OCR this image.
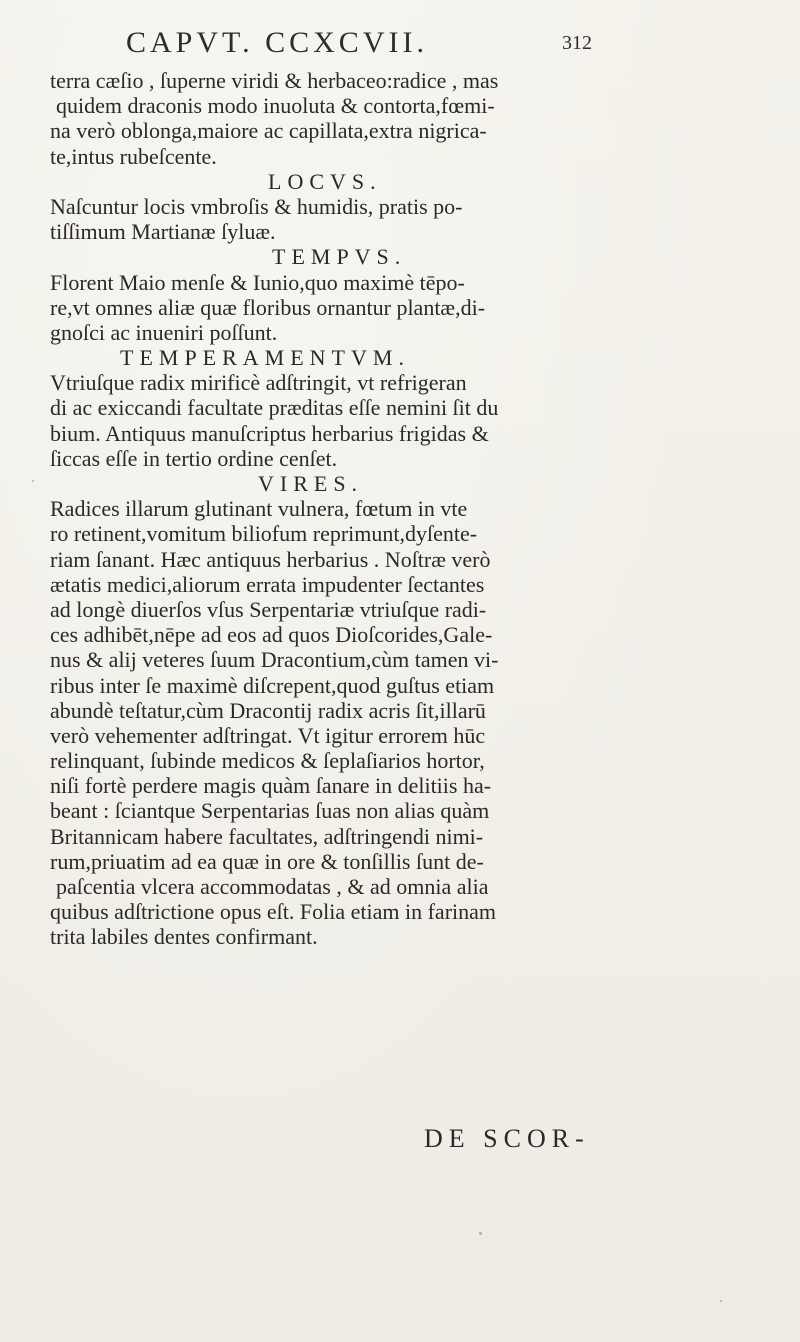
CAPVT. CCXCVII.	312
terra cæſio , ſuperne viridi & herbaceo:radice , mas
quidem draconis modo inuoluta & contorta,fœmi-
na verò oblonga,maiore ac capillata,extra nigrica-
te,intus rubeſcente.
LOCVS.
Naſcuntur locis vmbroſis & humidis, pratis po-
tiſſimum Martianæ ſyluæ.
TEMPVS.
Florent Maio menſe & Iunio,quo maximè tēpo-
re,vt omnes aliæ quæ floribus ornantur plantæ,di-
gnoſci ac inueniri poſſunt.
TEMPERAMENTVM.
Vtriuſque radix mirificè adſtringit, vt refrigeran
di ac exiccandi facultate præditas eſſe nemini ſit du
bium. Antiquus manuſcriptus herbarius frigidas &
ſiccas eſſe in tertio ordine cenſet.
VIRES.
Radices illarum glutinant vulnera, fœtum in vte
ro retinent,vomitum biliofum reprimunt,dyſente-
riam ſanant. Hæc antiquus herbarius . Noſtræ verò
ætatis medici,aliorum errata impudenter ſectantes
ad longè diuerſos vſus Serpentariæ vtriuſque radi-
ces adhibēt,nēpe ad eos ad quos Dioſcorides,Gale-
nus & alij veteres ſuum Dracontium,cùm tamen vi-
ribus inter ſe maximè diſcrepent,quod guſtus etiam
abundè teſtatur,cùm Dracontij radix acris ſit,illarū
verò vehementer adſtringat. Vt igitur errorem hūc
relinquant, ſubinde medicos & ſeplaſiarios hortor,
niſi fortè perdere magis quàm ſanare in delitiis ha-
beant : ſciantque Serpentarias ſuas non alias quàm
Britannicam habere facultates, adſtringendi nimi-
rum,priuatim ad ea quæ in ore & tonſillis ſunt de-
paſcentia vlcera accommodatas , & ad omnia alia
quibus adſtrictione opus eſt. Folia etiam in farinam
trita labiles dentes confirmant.
DE SCOR-
